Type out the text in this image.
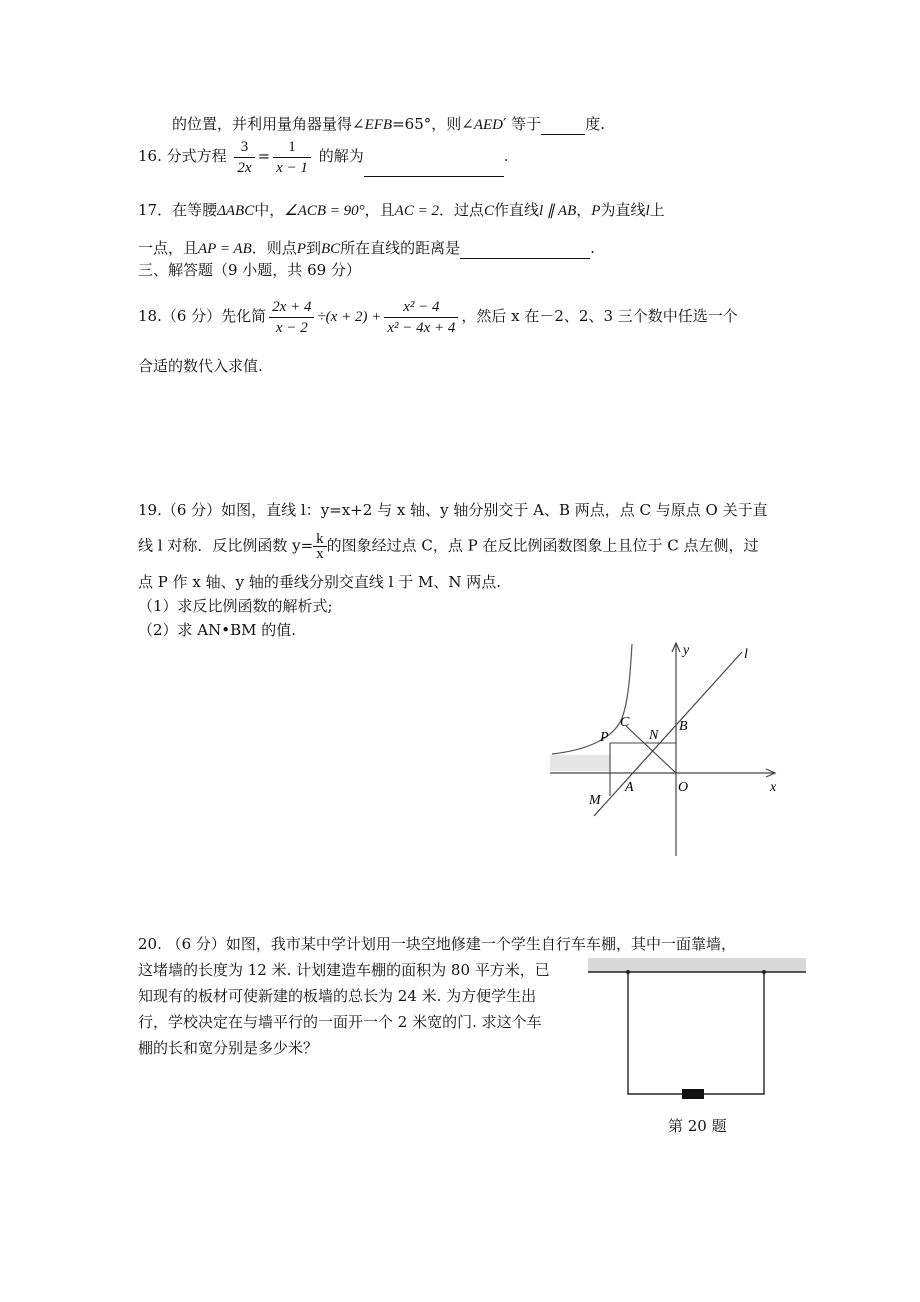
的位置，并利用量角器量得∠EFB=65°，则∠AED′ 等于	度.
16. 分式方程 $\frac{3}{2x} = \frac{1}{x - 1}$ 的解为	.
17．在等腰ΔABC中，∠ACB = 90°，且AC = 2．过点C作直线l ∥ AB，P为直线l上
一点，且AP = AB．则点P到BC所在直线的距离是	.
三、解答题（9 小题，共 69 分）
18.（6 分）先化简 $\frac{2x + 4}{x - 2} \div(x + 2) + \frac{\text{x² − 4}}{\text{x² − 4x + 4}}$ ，然后 x 在－2、2、3 三个数中任选一个
合适的数代入求值.
19.（6 分）如图，直线 l：y=x+2 与 x 轴、y 轴分别交于 A、B 两点，点 C 与原点 O 关于直
线 l 对称．反比例函数 $y= \frac{k}{x}$ 的图象经过点 C，点 P 在反比例函数图象上且位于 C 点左侧，过
点 P 作 x 轴、y 轴的垂线分别交直线 l 于 M、N 两点.
（1）求反比例函数的解析式;
（2）求 AN•BM 的值.
y
x
l
C
P	N
B
M
A	O
20. （6 分）如图，我市某中学计划用一块空地修建一个学生自行车车棚，其中一面靠墙，
这堵墙的长度为 12 米. 计划建造车棚的面积为 80 平方米，已
知现有的板材可使新建的板墙的总长为 24 米. 为方便学生出
行，学校决定在与墙平行的一面开一个 2 米宽的门. 求这个车
棚的长和宽分别是多少米？
第 20 题
